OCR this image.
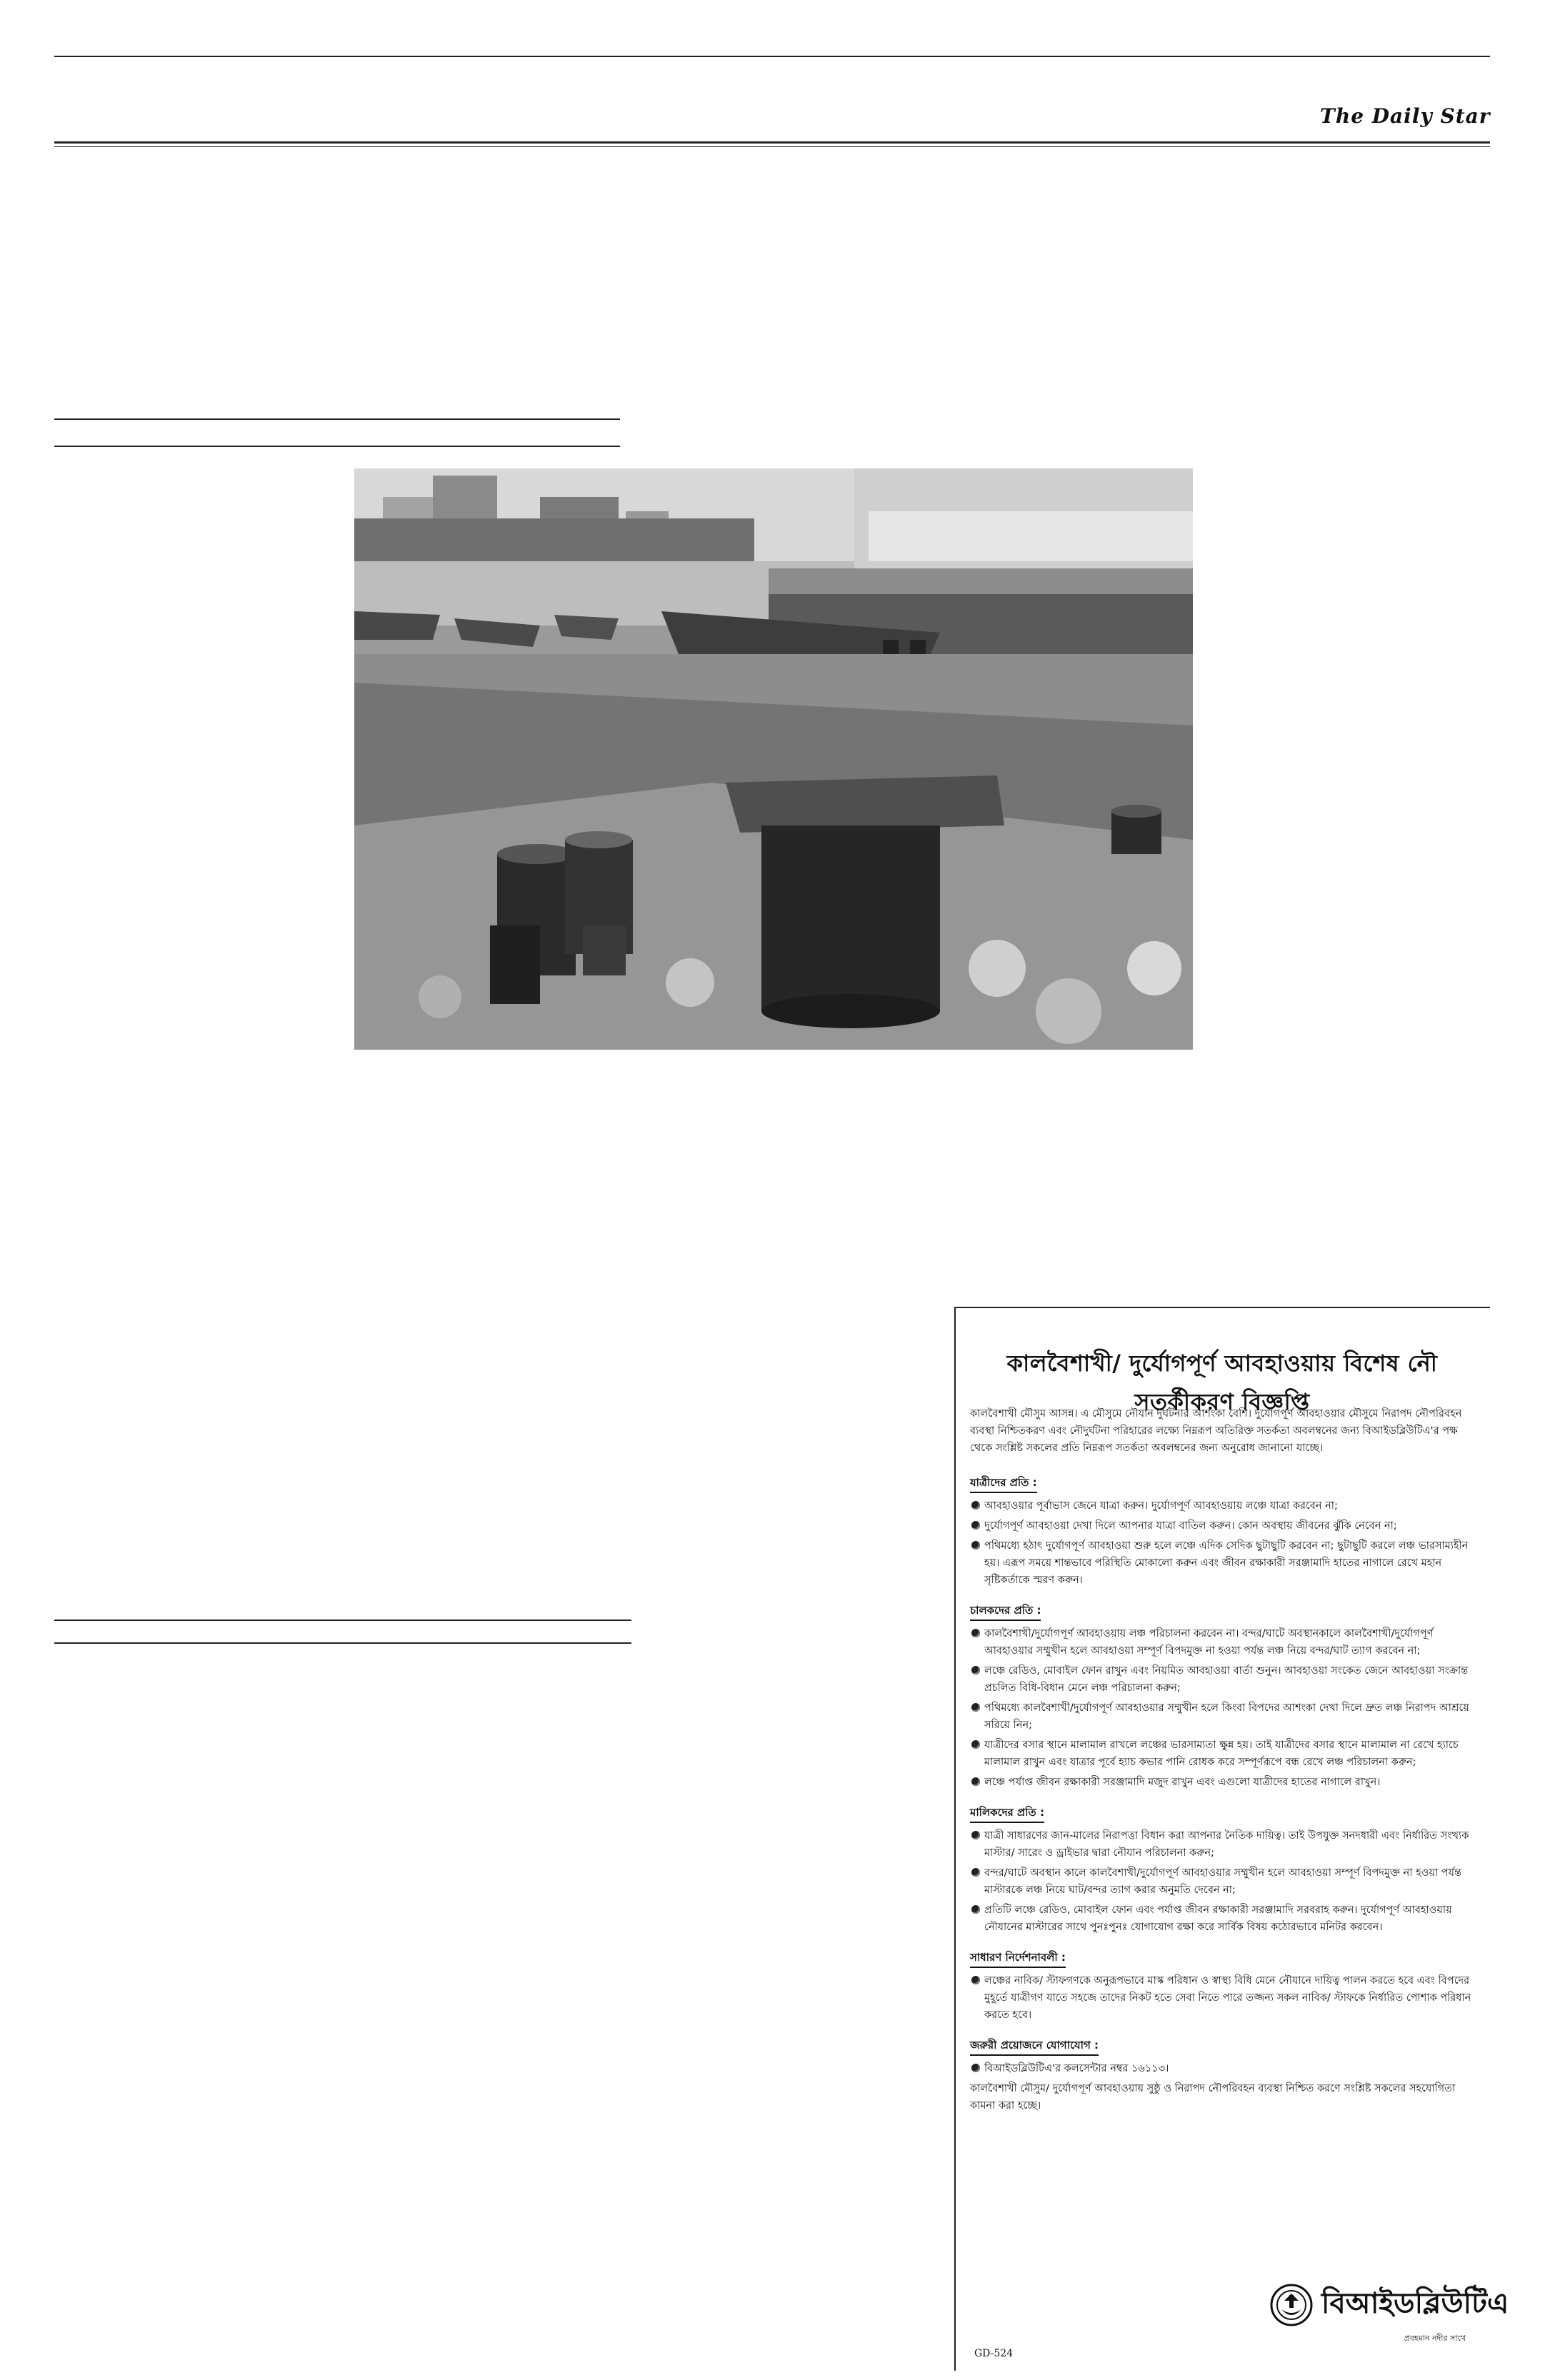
The Daily Star
কালবৈশাখী/ দুর্যোগপূর্ণ আবহাওয়ায় বিশেষ নৌ সতর্কীকরণ বিজ্ঞপ্তি

কালবৈশাখী মৌসুম আসন্ন। এ মৌসুমে নৌযান দুর্ঘটনার আশংকা বেশি। দুর্যোগপূর্ণ আবহাওয়ার মৌসুমে নিরাপদ নৌপরিবহন ব্যবস্থা নিশ্চিতকরণ এবং নৌদুর্ঘটনা পরিহারের লক্ষ্যে নিম্নরূপ অতিরিক্ত সতর্কতা অবলম্বনের জন্য বিআইডব্লিউটিএ'র পক্ষ থেকে সংশ্লিষ্ট সকলের প্রতি নিম্নরূপ সতর্কতা অবলম্বনের জন্য অনুরোধ জানানো যাচ্ছে।

যাত্রীদের প্রতি :
আবহাওয়ার পূর্বাভাস জেনে যাত্রা করুন। দুর্যোগপূর্ণ আবহাওয়ায় লঞ্চে যাত্রা করবেন না;
দুর্যোগপূর্ণ আবহাওয়া দেখা দিলে আপনার যাত্রা বাতিল করুন। কোন অবস্থায় জীবনের ঝুঁকি নেবেন না;
পথিমধ্যে হঠাৎ দুর্যোগপূর্ণ আবহাওয়া শুরু হলে লঞ্চে এদিক সেদিক ছুটাছুটি করবেন না; ছুটাছুটি করলে লঞ্চ ভারসাম্যহীন হয়। এরূপ সময়ে শান্তভাবে পরিস্থিতি মোকালো করুন এবং জীবন রক্ষাকারী সরঞ্জামাদি হাতের নাগালে রেখে মহান সৃষ্টিকর্তাকে স্মরণ করুন।
চালকদের প্রতি :
কালবৈশাখী/দুর্যোগপূর্ণ আবহাওয়ায় লঞ্চ পরিচালনা করবেন না। বন্দর/ঘাটে অবস্থানকালে কালবৈশাখী/দুর্যোগপূর্ণ আবহাওয়ার সম্মুখীন হলে আবহাওয়া সম্পূর্ণ বিপদমুক্ত না হওয়া পর্যন্ত লঞ্চ নিয়ে বন্দর/ঘাট ত্যাগ করবেন না;
লঞ্চে রেডিও, মোবাইল ফোন রাখুন এবং নিয়মিত আবহাওয়া বার্তা শুনুন। আবহাওয়া সংকেত জেনে আবহাওয়া সংক্রান্ত প্রচলিত বিধি-বিধান মেনে লঞ্চ পরিচালনা করুন;
পথিমধ্যে কালবৈশাখী/দুর্যোগপূর্ণ আবহাওয়ার সম্মুখীন হলে কিংবা বিপদের আশংকা দেখা দিলে দ্রুত লঞ্চ নিরাপদ আশ্রয়ে সরিয়ে নিন;
যাত্রীদের বসার স্থানে মালামাল রাখলে লঞ্চের ভারসাম্যতা ক্ষুন্ন হয়। তাই যাত্রীদের বসার স্থানে মালামাল না রেখে হ্যাচে মালামাল রাখুন এবং যাত্রার পূর্বে হ্যাচ কভার পানি রোধক করে সম্পূর্ণরূপে বন্ধ রেখে লঞ্চ পরিচালনা করুন;
লঞ্চে পর্যাপ্ত জীবন রক্ষাকারী সরঞ্জামাদি মজুদ রাখুন এবং এগুলো যাত্রীদের হাতের নাগালে রাখুন।
মালিকদের প্রতি :
যাত্রী সাধারণের জান-মালের নিরাপত্তা বিধান করা আপনার নৈতিক দায়িত্ব। তাই উপযুক্ত সনদধারী এবং নির্ধারিত সংখ্যক মাস্টার/ সারেং ও ড্রাইভার দ্বারা নৌযান পরিচালনা করুন;
বন্দর/ঘাটে অবস্থান কালে কালবৈশাখী/দুর্যোগপূর্ণ আবহাওয়ার সম্মুখীন হলে আবহাওয়া সম্পূর্ণ বিপদমুক্ত না হওয়া পর্যন্ত মাস্টারকে লঞ্চ নিয়ে ঘাট/বন্দর ত্যাগ করার অনুমতি দেবেন না;
প্রতিটি লঞ্চে রেডিও, মোবাইল ফোন এবং পর্যাপ্ত জীবন রক্ষাকারী সরঞ্জামাদি সরবরাহ করুন। দুর্যোগপূর্ণ আবহাওয়ায় নৌযানের মাস্টারের সাথে পুনঃপুনঃ যোগাযোগ রক্ষা করে সার্বিক বিষয় কঠোরভাবে মনিটর করবেন।
সাধারণ নির্দেশনাবলী :
লঞ্চের নাবিক/ স্টাফগণকে অনুরূপভাবে মাস্ক পরিধান ও স্বাস্থ্য বিধি মেনে নৌযানে দায়িত্ব পালন করতে হবে এবং বিপদের মুহূর্তে যাত্রীগণ যাতে সহজে তাদের নিকট হতে সেবা নিতে পারে তজ্জন্য সকল নাবিক/ স্টাফকে নির্ধারিত পোশাক পরিধান করতে হবে।
জরুরী প্রয়োজনে যোগাযোগ :
বিআইডব্লিউটিএ'র কলসেন্টার নম্বর ১৬১১৩।

কালবৈশাখী মৌসুম/ দুর্যোগপূর্ণ আবহাওয়ায় সুষ্ঠু ও নিরাপদ নৌপরিবহন ব্যবস্থা নিশ্চিত করণে সংশ্লিষ্ট সকলের সহযোগিতা কামনা করা হচ্ছে।

বিআইডব্লিউটিএ
প্রবহমান নদীর সাথে
GD-524
